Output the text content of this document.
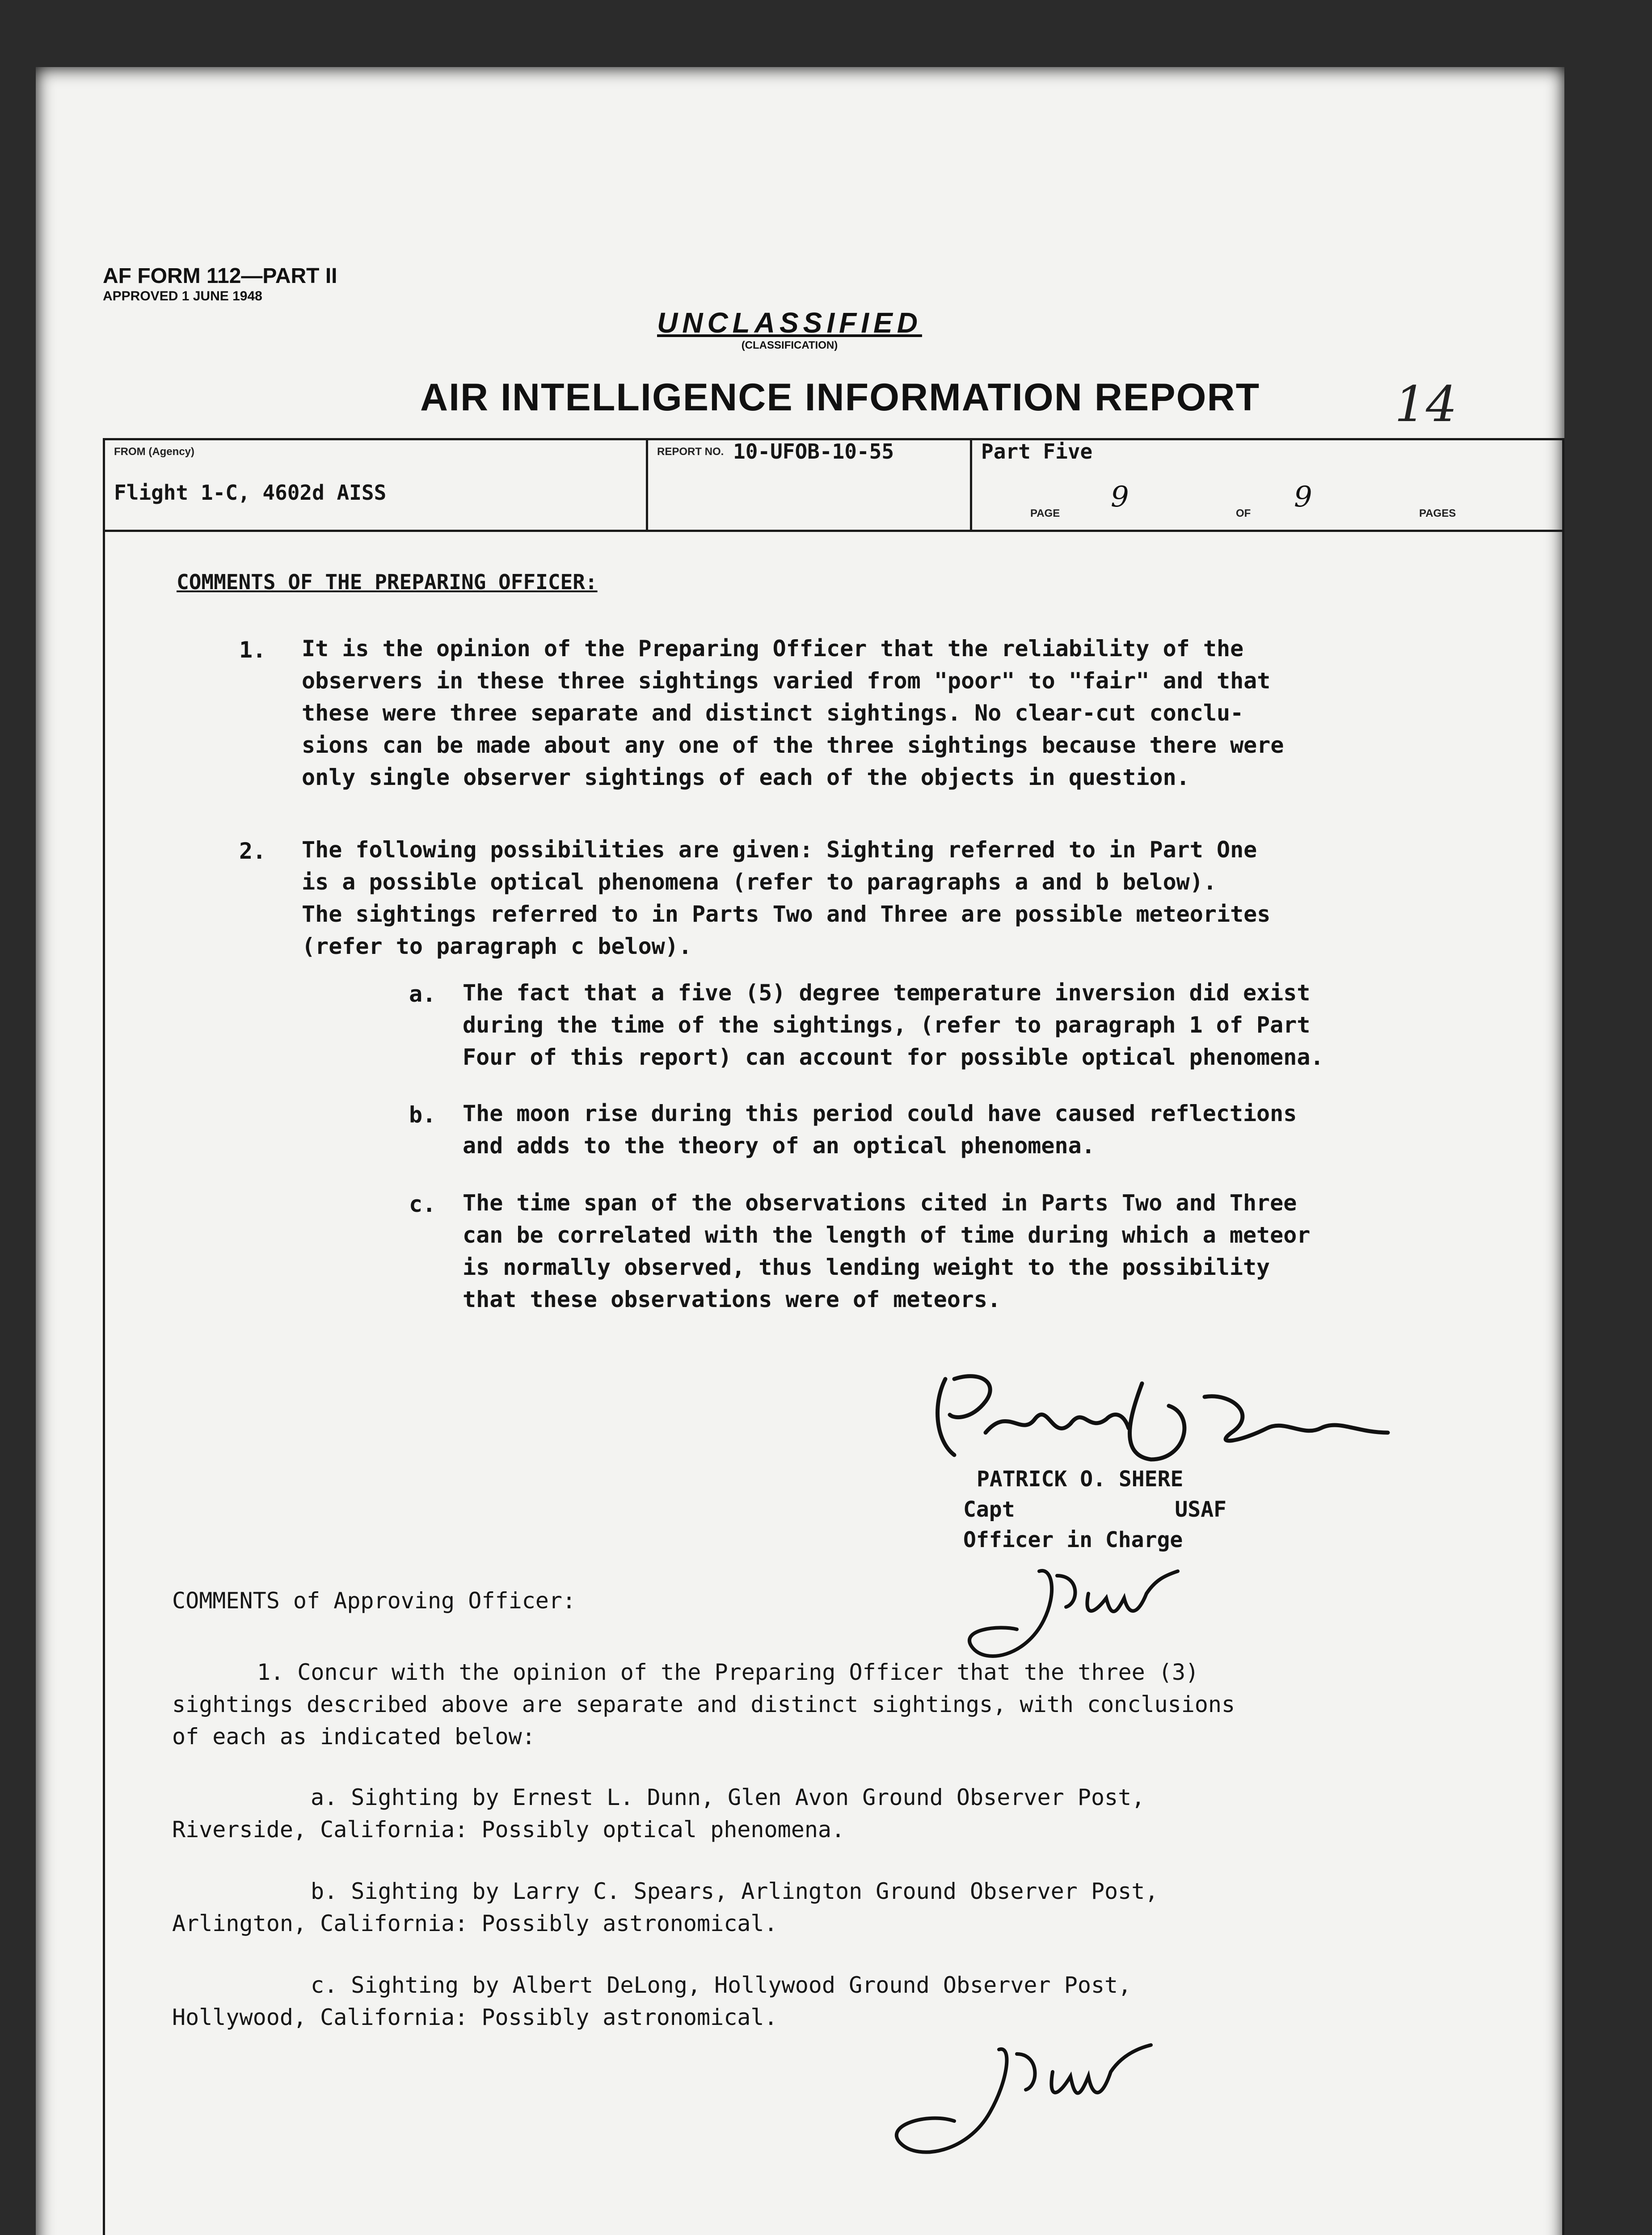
AF FORM 112—PART II
APPROVED 1 JUNE 1948
UNCLASSIFIED
(CLASSIFICATION)
AIR INTELLIGENCE INFORMATION REPORT	14
FROM (Agency)
Flight 1-C, 4602d AISS
REPORT NO. 10-UFOB-10-55	Part Five
PAGE 9	OF 9	PAGES
COMMENTS OF THE PREPARING OFFICER:
1. It is the opinion of the Preparing Officer that the reliability of the
observers in these three sightings varied from "poor" to "fair" and that
these were three separate and distinct sightings. No clear-cut conclu-
sions can be made about any one of the three sightings because there were
only single observer sightings of each of the objects in question.
2. The following possibilities are given: Sighting referred to in Part One
is a possible optical phenomena (refer to paragraphs a and b below).
The sightings referred to in Parts Two and Three are possible meteorites
(refer to paragraph c below).
a. The fact that a five (5) degree temperature inversion did exist
during the time of the sightings, (refer to paragraph 1 of Part
Four of this report) can account for possible optical phenomena.
b. The moon rise during this period could have caused reflections
and adds to the theory of an optical phenomena.
c. The time span of the observations cited in Parts Two and Three
can be correlated with the length of time during which a meteor
is normally observed, thus lending weight to the possibility
that these observations were of meteors.
PATRICK O. SHERE
Capt	USAF
Officer in Charge
COMMENTS of Approving Officer:
1. Concur with the opinion of the Preparing Officer that the three (3)
sightings described above are separate and distinct sightings, with conclusions
of each as indicated below:
a. Sighting by Ernest L. Dunn, Glen Avon Ground Observer Post,
Riverside, California: Possibly optical phenomena.
b. Sighting by Larry C. Spears, Arlington Ground Observer Post,
Arlington, California: Possibly astronomical.
c. Sighting by Albert DeLong, Hollywood Ground Observer Post,
Hollywood, California: Possibly astronomical.
